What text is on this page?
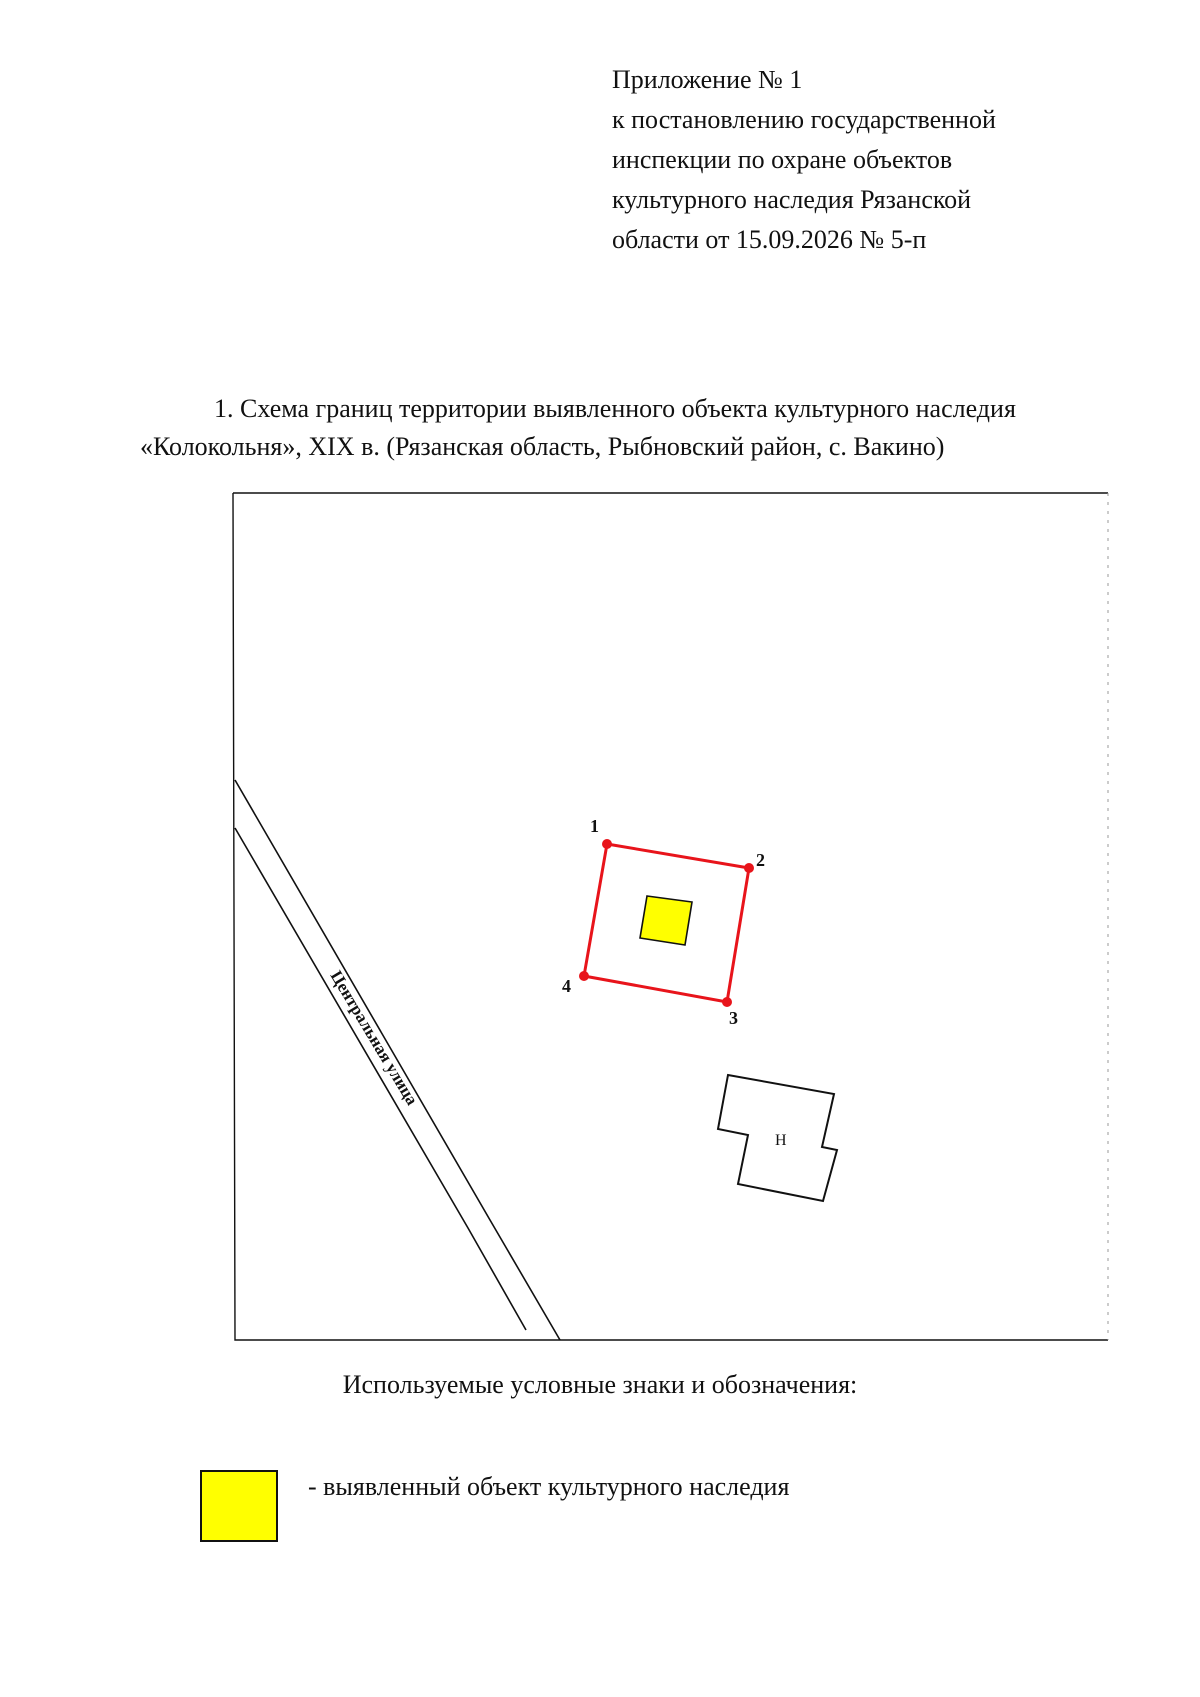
Приложение № 1
к постановлению государственной
инспекции по охране объектов
культурного наследия Рязанской
области от 15.09.2026 № 5-п
1. Схема границ территории выявленного объекта культурного наследия
«Колокольня», XIX в. (Рязанская область, Рыбновский район, с. Вакино)
Центральная улица
Н
1
2
3
4
Используемые условные знаки и обозначения:
- выявленный объект культурного наследия
